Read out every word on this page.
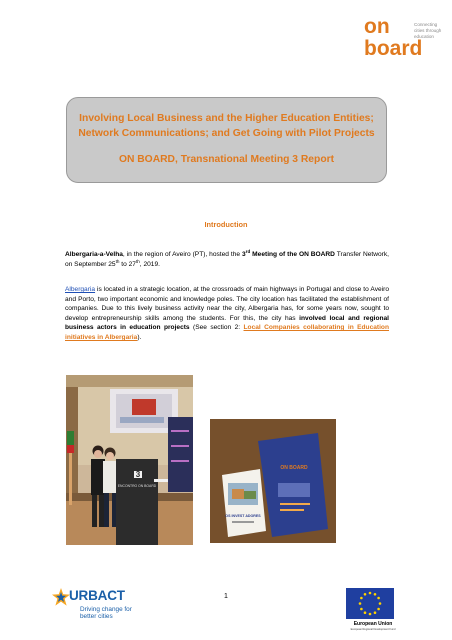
on
board
Connecting cities through education
Involving Local Business and the Higher Education Entities; Network Communications; and Get Going with Pilot Projects
ON BOARD, Transnational Meeting 3 Report
Introduction
Albergaria-a-Velha, in the region of Aveiro (PT), hosted the 3rd Meeting of the ON BOARD Transfer Network, on September 25th to 27th, 2019.
Albergaria is located in a strategic location, at the crossroads of main highways in Portugal and close to Aveiro and Porto, two important economic and knowledge poles. The city location has facilitated the establishment of companies. Due to this lively business activity near the city, Albergaria has, for some years now, sought to develop entrepreneurship skills among the students. For this, the city has involved local and regional business actors in education projects (See section 2: Local Companies collaborating in Education initiatives in Albergaria).
3
ENCONTRO ON BOARD
ON BOARD
OS INVEST ADORES
1
URBACT
Driving change for
better cities
European Union
European Regional Development Fund
